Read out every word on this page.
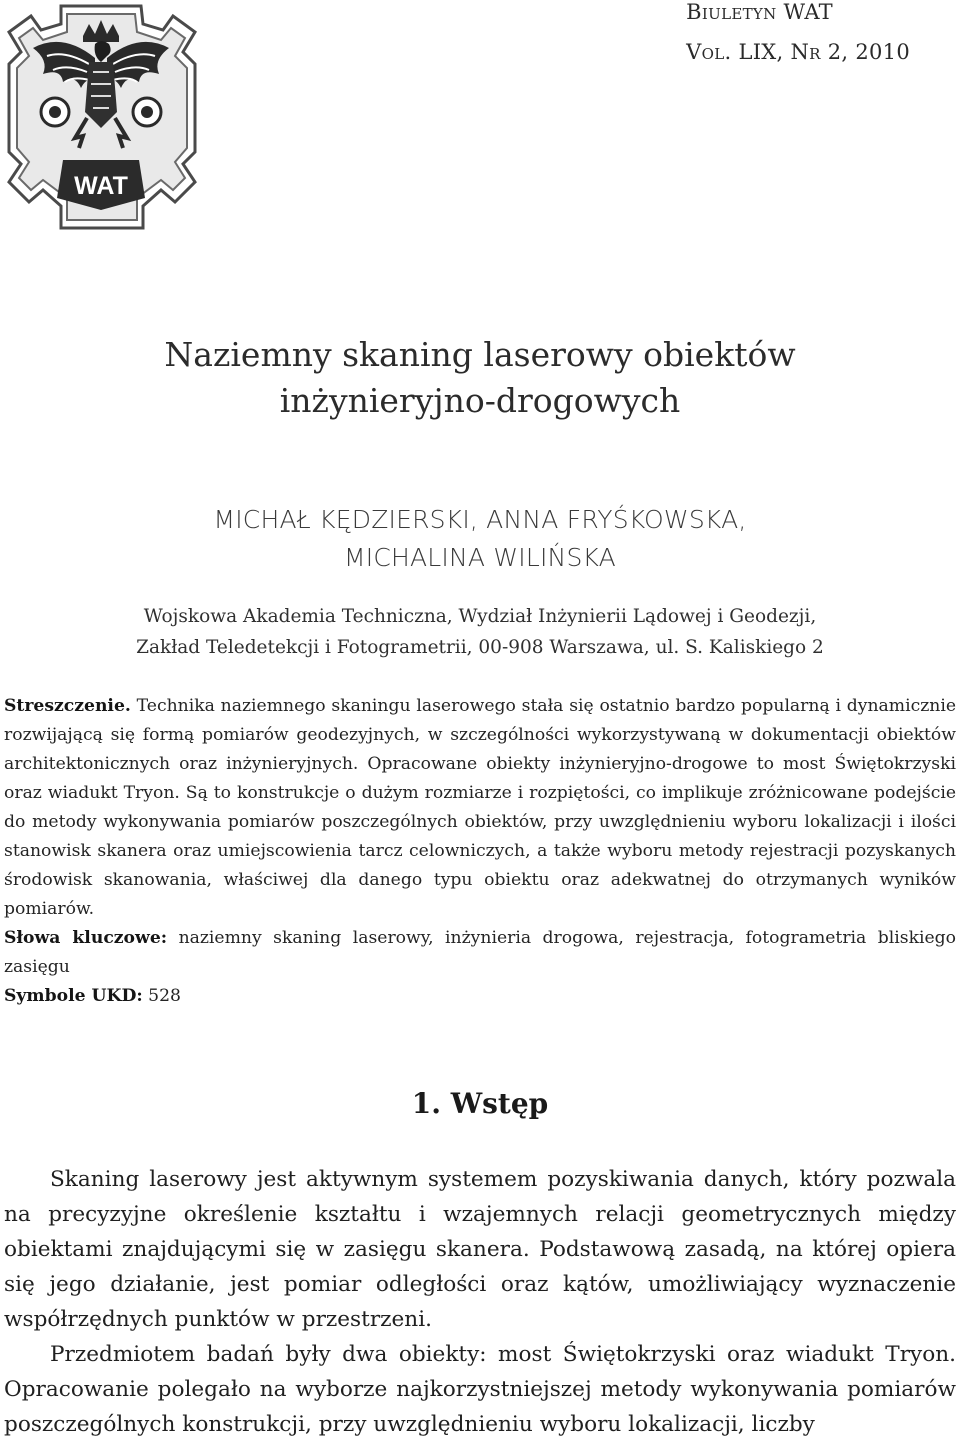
WAT
Biuletyn WAT
Vol. LIX, Nr 2, 2010
Naziemny skaning laserowy obiektów
inżynieryjno-drogowych
MICHAŁ KĘDZIERSKI, ANNA FRYŚKOWSKA,
MICHALINA WILIŃSKA
Wojskowa Akademia Techniczna, Wydział Inżynierii Lądowej i Geodezji,
Zakład Teledetekcji i Fotogrametrii, 00-908 Warszawa, ul. S. Kaliskiego 2

Streszczenie. Technika naziemnego skaningu laserowego stała się ostatnio bardzo popularną i dynamicznie rozwijającą się formą pomiarów geodezyjnych, w szczególności wykorzystywaną w dokumentacji obiektów architektonicznych oraz inżynieryjnych. Opracowane obiekty inżynieryjno-drogowe to most Świętokrzyski oraz wiadukt Tryon. Są to konstrukcje o dużym rozmiarze i rozpiętości, co implikuje zróżnicowane podejście do metody wykonywania pomiarów poszczególnych obiektów, przy uwzględnieniu wyboru lokalizacji i ilości stanowisk skanera oraz umiejscowienia tarcz celowniczych, a także wyboru metody rejestracji pozyskanych środowisk skanowania, właściwej dla danego typu obiektu oraz adekwatnej do otrzymanych wyników pomiarów.

Słowa kluczowe: naziemny skaning laserowy, inżynieria drogowa, rejestracja, fotogrametria bliskiego zasięgu

Symbole UKD: 528

1. Wstęp

Skaning laserowy jest aktywnym systemem pozyskiwania danych, który pozwala na precyzyjne określenie kształtu i wzajemnych relacji geometrycznych między obiektami znajdującymi się w zasięgu skanera. Podstawową zasadą, na której opiera się jego działanie, jest pomiar odległości oraz kątów, umożliwiający wyznaczenie współrzędnych punktów w przestrzeni.

Przedmiotem badań były dwa obiekty: most Świętokrzyski oraz wiadukt Tryon. Opracowanie polegało na wyborze najkorzystniejszej metody wykonywania pomiarów poszczególnych konstrukcji, przy uwzględnieniu wyboru lokalizacji, liczby
